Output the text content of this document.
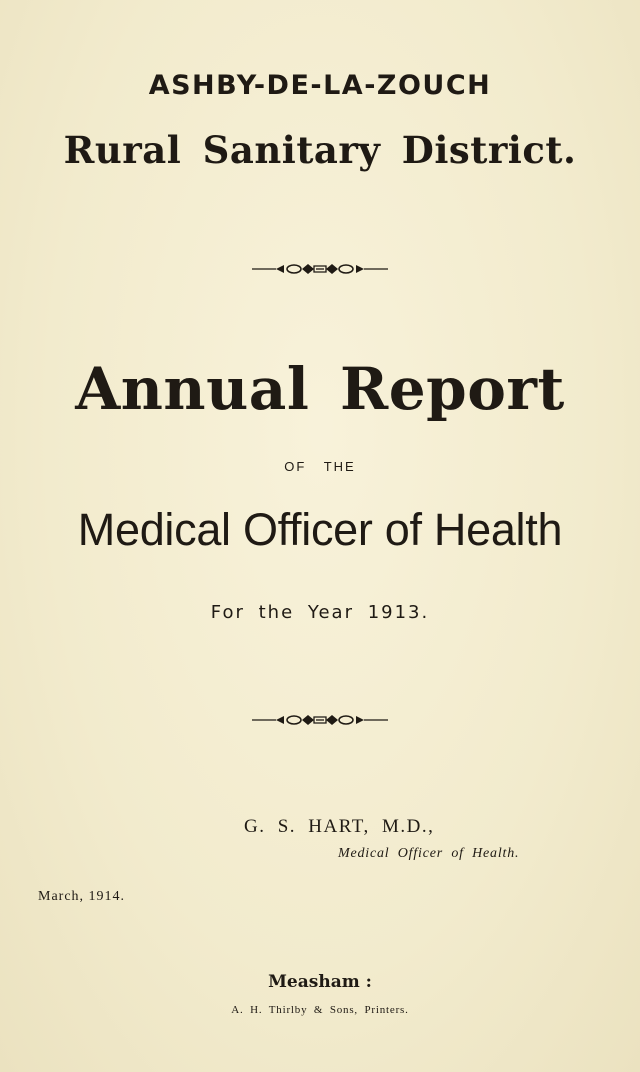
ASHBY-DE-LA-ZOUCH
Rural Sanitary District.
Annual Report
OF THE
Medical Officer of Health
For the Year 1913.
G. S. HART, M.D.,
Medical Officer of Health.
March, 1914.
Measham :
A. H. Thirlby & Sons, Printers.
